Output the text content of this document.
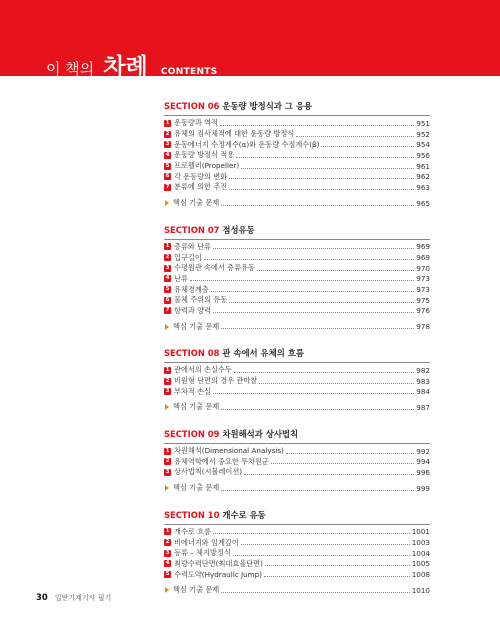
이 책의 차례 CONTENTS
SECTION 06 운동량 방정식과 그 응용
1 운동량과 역적	951
2 유체의 검사체적에 대한 운동량 방정식	952
3 운동에너지 수정계수(α)와 운동량 수정계수(β)	954
4 운동량 방정식 적용	956
5 프로펠러(Propeller)	961
6 각 운동량의 변화	962
7 분류에 의한 추진	963
핵심 기출 문제	965
SECTION 07 점성유동
1 층류와 난류	969
2 입구길이	969
3 수평원관 속에서 층류유동	970
4 난류	973
5 유체경계층	973
6 물체 주위의 유동	975
7 항력과 양력	976
핵심 기출 문제	978
SECTION 08 관 속에서 유체의 흐름
1 관에서의 손실수두	982
2 비원형 단면의 경우 관마찰	983
3 부차적 손실	984
핵심 기출 문제	987
SECTION 09 차원해석과 상사법칙
1 차원해석(Dimensional Analysis)	992
2 유체역학에서 중요한 무차원군	994
3 상사법칙(시뮬레이션)	996
핵심 기출 문제	999
SECTION 10 개수로 유동
1 개수로 흐름	1001
2 비에너지와 임계깊이	1003
3 등류 – 체지방정식	1004
4 최량수력단면(최대효율단면)	1005
5 수력도약(Hydraulic Jump)	1008
핵심 기출 문제	1010
30 일반기계기사 필기
